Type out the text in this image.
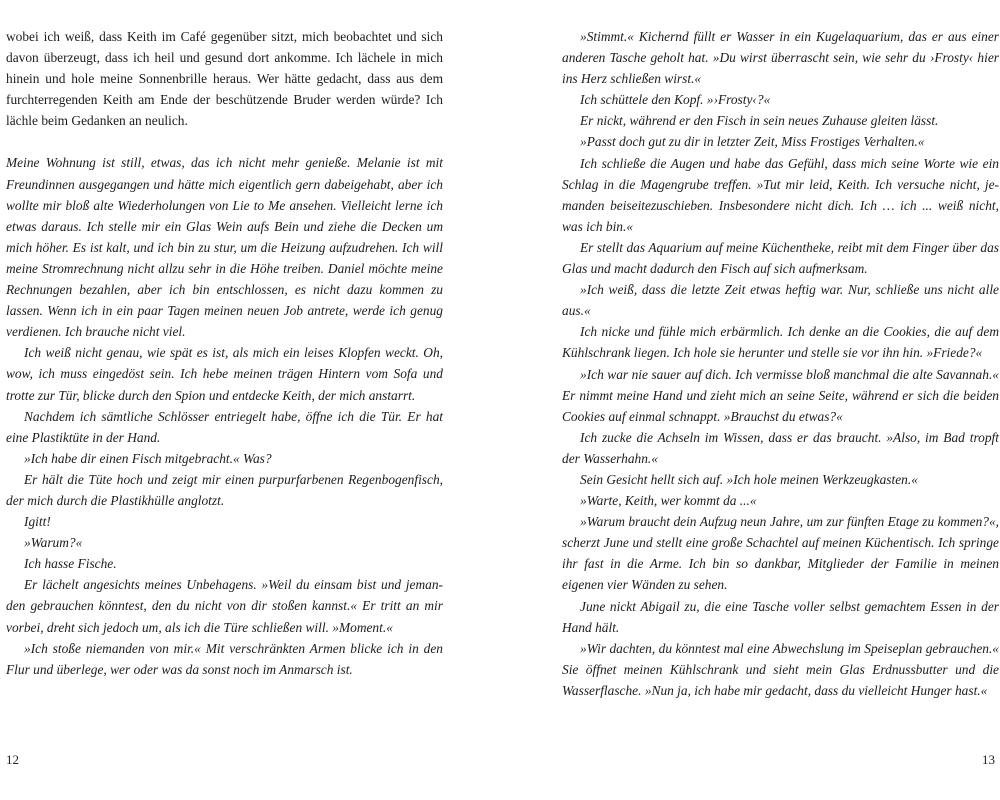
wobei ich weiß, dass Keith im Café gegenüber sitzt, mich beobachtet und sich davon überzeugt, dass ich heil und gesund dort ankomme. Ich lächele in mich hinein und hole meine Sonnenbrille heraus. Wer hätte gedacht, dass aus dem furchterregenden Keith am Ende der beschützende Bruder werden würde? Ich lächle beim Gedanken an neulich.

Meine Wohnung ist still, etwas, das ich nicht mehr genieße. Melanie ist mit Freundinnen ausgegangen und hätte mich eigentlich gern dabeigehabt, aber ich wollte mir bloß alte Wiederholungen von Lie to Me ansehen. Vielleicht lerne ich etwas daraus. Ich stelle mir ein Glas Wein aufs Bein und ziehe die Decken um mich höher. Es ist kalt, und ich bin zu stur, um die Heizung aufzudrehen. Ich will meine Stromrechnung nicht allzu sehr in die Höhe treiben. Daniel möchte meine Rechnungen bezahlen, aber ich bin entschlossen, es nicht dazu kommen zu lassen. Wenn ich in ein paar Tagen meinen neuen Job antrete, werde ich genug verdienen. Ich brauche nicht viel.

Ich weiß nicht genau, wie spät es ist, als mich ein leises Klopfen weckt. Oh, wow, ich muss eingedöst sein. Ich hebe meinen trägen Hintern vom Sofa und trotte zur Tür, blicke durch den Spion und entdecke Keith, der mich anstarrt.

Nachdem ich sämtliche Schlösser entriegelt habe, öffne ich die Tür. Er hat eine Plastiktüte in der Hand.

»Ich habe dir einen Fisch mitgebracht.« Was?

Er hält die Tüte hoch und zeigt mir einen purpurfarbenen Regenbogenfisch, der mich durch die Plastikhülle anglotzt.

Igitt!

»Warum?«

Ich hasse Fische.

Er lächelt angesichts meines Unbehagens. »Weil du einsam bist und jemanden gebrauchen könntest, den du nicht von dir stoßen kannst.« Er tritt an mir vorbei, dreht sich jedoch um, als ich die Türe schließen will. »Moment.«

»Ich stoße niemanden von mir.« Mit verschränkten Armen blicke ich in den Flur und überlege, wer oder was da sonst noch im Anmarsch ist.

»Stimmt.« Kichernd füllt er Wasser in ein Kugelaquarium, das er aus einer anderen Tasche geholt hat. »Du wirst überrascht sein, wie sehr du ›Frosty‹ hier ins Herz schließen wirst.«

Ich schüttele den Kopf. »›Frosty‹?«

Er nickt, während er den Fisch in sein neues Zuhause gleiten lässt.

»Passt doch gut zu dir in letzter Zeit, Miss Frostiges Verhalten.«

Ich schließe die Augen und habe das Gefühl, dass mich seine Worte wie ein Schlag in die Magengrube treffen. »Tut mir leid, Keith. Ich versuche nicht, jemanden beiseitezuschieben. Insbesondere nicht dich. Ich … ich ... weiß nicht, was ich bin.«

Er stellt das Aquarium auf meine Küchentheke, reibt mit dem Finger über das Glas und macht dadurch den Fisch auf sich aufmerksam.

»Ich weiß, dass die letzte Zeit etwas heftig war. Nur, schließe uns nicht alle aus.«

Ich nicke und fühle mich erbärmlich. Ich denke an die Cookies, die auf dem Kühlschrank liegen. Ich hole sie herunter und stelle sie vor ihn hin. »Friede?«

»Ich war nie sauer auf dich. Ich vermisse bloß manchmal die alte Savannah.« Er nimmt meine Hand und zieht mich an seine Seite, während er sich die beiden Cookies auf einmal schnappt. »Brauchst du etwas?«

Ich zucke die Achseln im Wissen, dass er das braucht. »Also, im Bad tropft der Wasserhahn.«

Sein Gesicht hellt sich auf. »Ich hole meinen Werkzeugkasten.«

»Warte, Keith, wer kommt da ...«

»Warum braucht dein Aufzug neun Jahre, um zur fünften Etage zu kommen?«, scherzt June und stellt eine große Schachtel auf meinen Küchentisch. Ich springe ihr fast in die Arme. Ich bin so dankbar, Mitglieder der Familie in meinen eigenen vier Wänden zu sehen.

June nickt Abigail zu, die eine Tasche voller selbst gemachtem Essen in der Hand hält.

»Wir dachten, du könntest mal eine Abwechslung im Speiseplan gebrauchen.« Sie öffnet meinen Kühlschrank und sieht mein Glas Erdnussbutter und die Wasserflasche. »Nun ja, ich habe mir gedacht, dass du vielleicht Hunger hast.«

12	13
